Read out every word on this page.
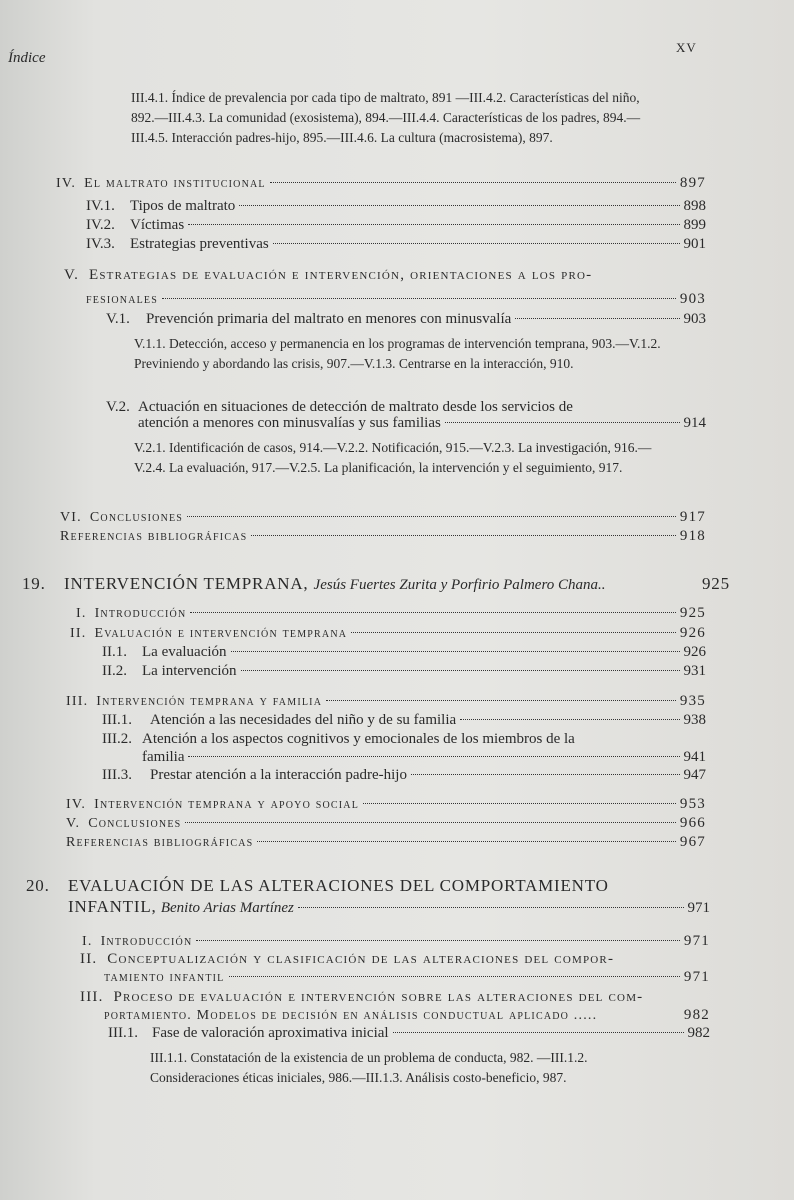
Índice
XV
III.4.1. Índice de prevalencia por cada tipo de maltrato, 891 —III.4.2. Características del niño, 892.—III.4.3. La comunidad (exosistema), 894.—III.4.4. Características de los padres, 894.—III.4.5. Interacción padres-hijo, 895.—III.4.6. La cultura (macrosistema), 897.
IV. El maltrato institucional	897
IV.1.	Tipos de maltrato	898
IV.2.	Víctimas	899
IV.3.	Estrategias preventivas	901
V. Estrategias de evaluación e intervención, orientaciones a los pro-
fesionales	903
V.1.	Prevención primaria del maltrato en menores con minusvalía	903
V.1.1. Detección, acceso y permanencia en los programas de intervención temprana, 903.—V.1.2. Previniendo y abordando las crisis, 907.—V.1.3. Centrarse en la interacción, 910.
V.2. Actuación en situaciones de detección de maltrato desde los servicios de
atención a menores con minusvalías y sus familias	914
V.2.1. Identificación de casos, 914.—V.2.2. Notificación, 915.—V.2.3. La investigación, 916.—V.2.4. La evaluación, 917.—V.2.5. La planificación, la intervención y el seguimiento, 917.
VI. Conclusiones	917
Referencias bibliográficas	918
19. INTERVENCIÓN TEMPRANA, Jesús Fuertes Zurita y Porfirio Palmero Chana..	925
I. Introducción	925
II. Evaluación e intervención temprana	926
II.1.	La evaluación	926
II.2.	La intervención	931
III. Intervención temprana y familia	935
III.1.	Atención a las necesidades del niño y de su familia	938
III.2. Atención a los aspectos cognitivos y emocionales de los miembros de la
familia	941
III.3.	Prestar atención a la interacción padre-hijo	947
IV. Intervención temprana y apoyo social	953
V. Conclusiones	966
Referencias bibliográficas	967
20. EVALUACIÓN DE LAS ALTERACIONES DEL COMPORTAMIENTO
INFANTIL,
Benito Arias Martínez	971
I. Introducción	971
II. Conceptualización y clasificación de las alteraciones del compor-
tamiento infantil	971
III. Proceso de evaluación e intervención sobre las alteraciones del com-
portamiento. Modelos de decisión en análisis conductual aplicado .....	982
III.1. Fase de valoración aproximativa inicial	982
III.1.1. Constatación de la existencia de un problema de conducta, 982. —III.1.2. Consideraciones éticas iniciales, 986.—III.1.3. Análisis costo-beneficio, 987.
